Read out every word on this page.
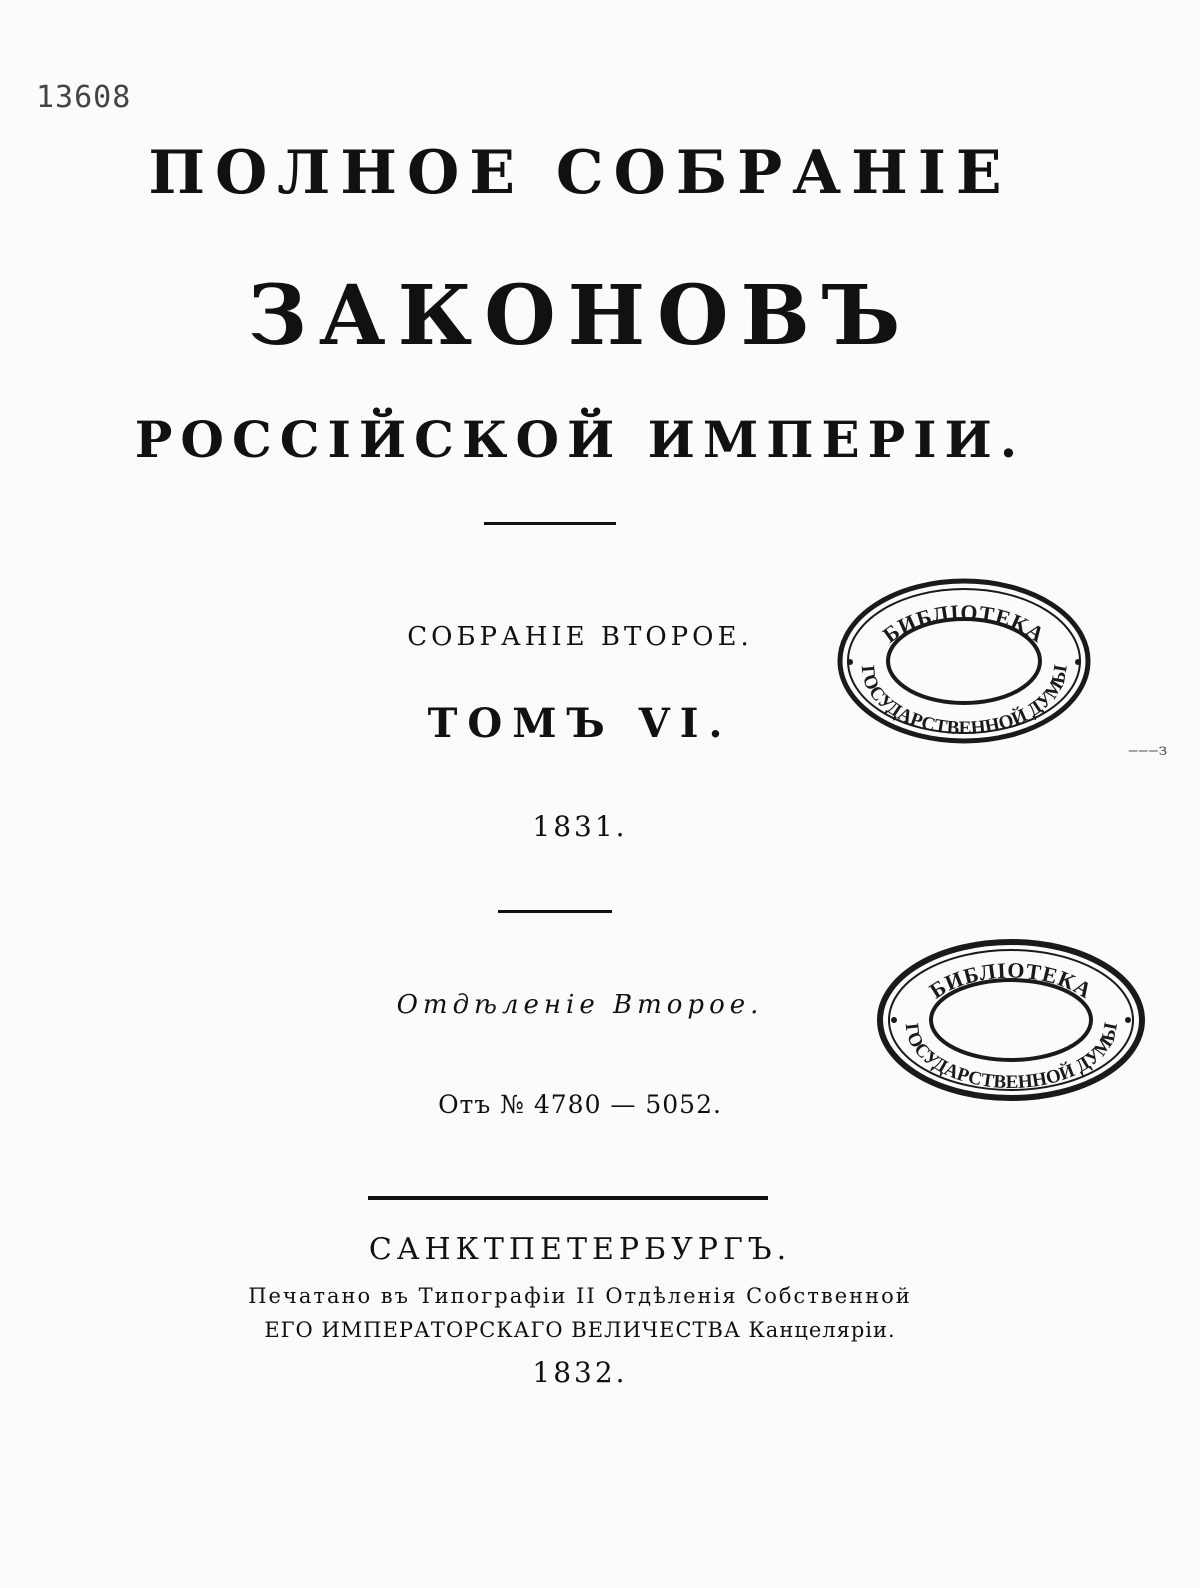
13608
ПОЛНОЕ СОБРАНІЕ
ЗАКОНОВЪ
РОССІЙСКОЙ ИМПЕРІИ.
СОБРАНІЕ ВТОРОЕ.
ТОМЪ VI.
1831.
Отдѣленіе Второе.
Отъ № 4780 — 5052.
САНКТПЕТЕРБУРГЪ.
Печатано въ Типографіи II Отдѣленія Собственной
ЕГО ИМПЕРАТОРСКАГО ВЕЛИЧЕСТВА Канцеляріи.
1832.
БИБЛІОТЕКА
ГОСУДАРСТВЕННОЙ ДУМЫ
‒‒‒з
БИБЛІОТЕКА
ГОСУДАРСТВЕННОЙ ДУМЫ
